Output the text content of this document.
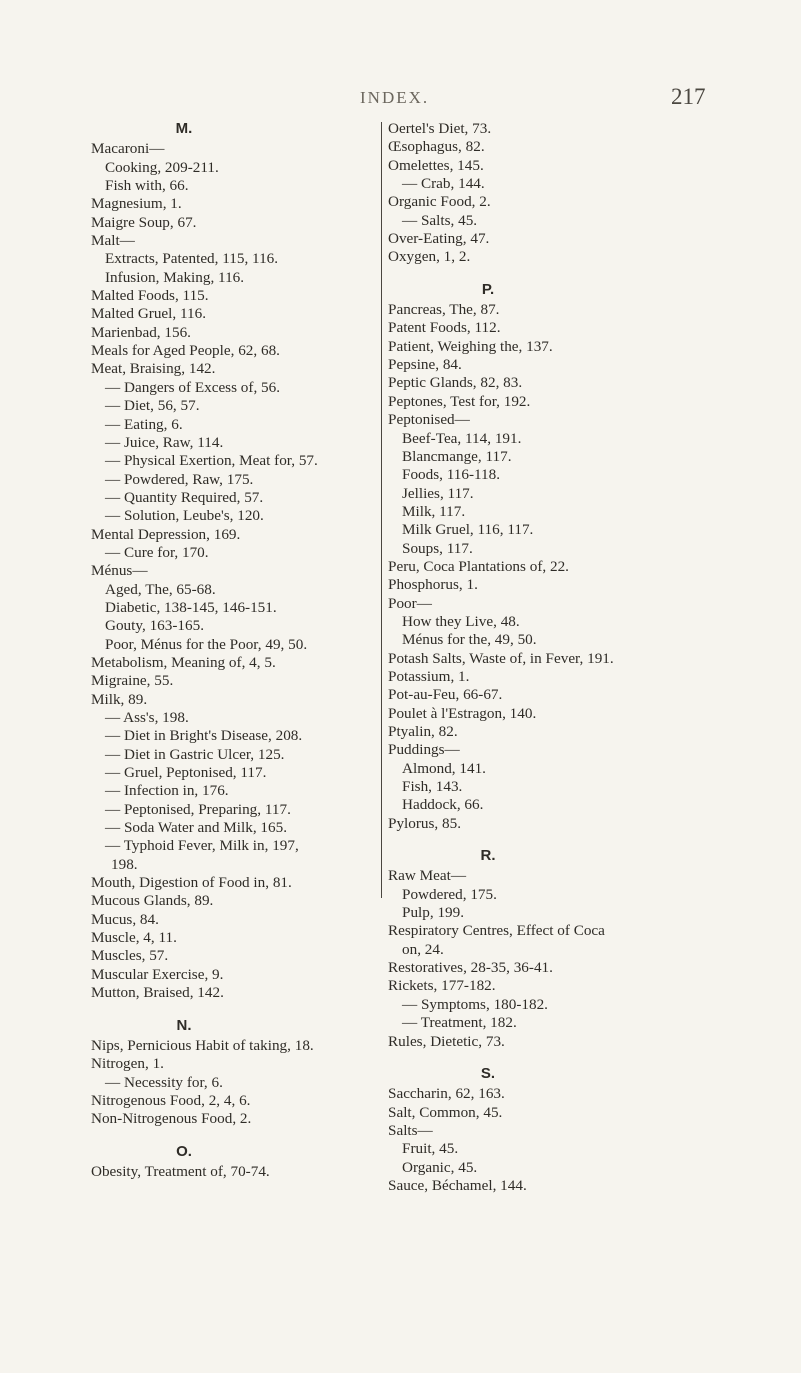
INDEX.	217
M.
Macaroni—
Cooking, 209-211.
Fish with, 66.
Magnesium, 1.
Maigre Soup, 67.
Malt—
Extracts, Patented, 115, 116.
Infusion, Making, 116.
Malted Foods, 115.
Malted Gruel, 116.
Marienbad, 156.
Meals for Aged People, 62, 68.
Meat, Braising, 142.
— Dangers of Excess of, 56.
— Diet, 56, 57.
— Eating, 6.
— Juice, Raw, 114.
— Physical Exertion, Meat for, 57.
— Powdered, Raw, 175.
— Quantity Required, 57.
— Solution, Leube's, 120.
Mental Depression, 169.
— Cure for, 170.
Ménus—
Aged, The, 65-68.
Diabetic, 138-145, 146-151.
Gouty, 163-165.
Poor, Ménus for the Poor, 49, 50.
Metabolism, Meaning of, 4, 5.
Migraine, 55.
Milk, 89.
— Ass's, 198.
— Diet in Bright's Disease, 208.
— Diet in Gastric Ulcer, 125.
— Gruel, Peptonised, 117.
— Infection in, 176.
— Peptonised, Preparing, 117.
— Soda Water and Milk, 165.
— Typhoid Fever, Milk in, 197,
198.
Mouth, Digestion of Food in, 81.
Mucous Glands, 89.
Mucus, 84.
Muscle, 4, 11.
Muscles, 57.
Muscular Exercise, 9.
Mutton, Braised, 142.
N.
Nips, Pernicious Habit of taking, 18.
Nitrogen, 1.
— Necessity for, 6.
Nitrogenous Food, 2, 4, 6.
Non-Nitrogenous Food, 2.
O.
Obesity, Treatment of, 70-74.
Oertel's Diet, 73.
Œsophagus, 82.
Omelettes, 145.
— Crab, 144.
Organic Food, 2.
— Salts, 45.
Over-Eating, 47.
Oxygen, 1, 2.
P.
Pancreas, The, 87.
Patent Foods, 112.
Patient, Weighing the, 137.
Pepsine, 84.
Peptic Glands, 82, 83.
Peptones, Test for, 192.
Peptonised—
Beef-Tea, 114, 191.
Blancmange, 117.
Foods, 116-118.
Jellies, 117.
Milk, 117.
Milk Gruel, 116, 117.
Soups, 117.
Peru, Coca Plantations of, 22.
Phosphorus, 1.
Poor—
How they Live, 48.
Ménus for the, 49, 50.
Potash Salts, Waste of, in Fever, 191.
Potassium, 1.
Pot-au-Feu, 66-67.
Poulet à l'Estragon, 140.
Ptyalin, 82.
Puddings—
Almond, 141.
Fish, 143.
Haddock, 66.
Pylorus, 85.
R.
Raw Meat—
Powdered, 175.
Pulp, 199.
Respiratory Centres, Effect of Coca
on, 24.
Restoratives, 28-35, 36-41.
Rickets, 177-182.
— Symptoms, 180-182.
— Treatment, 182.
Rules, Dietetic, 73.
S.
Saccharin, 62, 163.
Salt, Common, 45.
Salts—
Fruit, 45.
Organic, 45.
Sauce, Béchamel, 144.
